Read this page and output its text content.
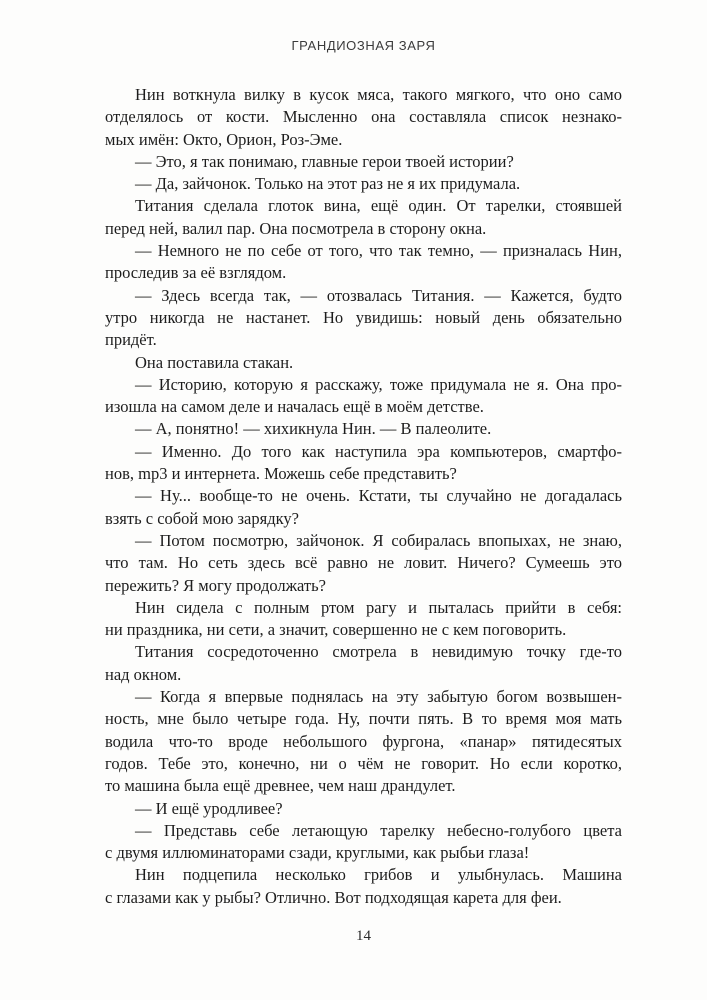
ГРАНДИОЗНАЯ ЗАРЯ
Нин воткнула вилку в кусок мяса, такого мягкого, что оно само
отделялось от кости. Мысленно она составляла список незнако-
мых имён: Окто, Орион, Роз-Эме.
— Это, я так понимаю, главные герои твоей истории?
— Да, зайчонок. Только на этот раз не я их придумала.
Титания сделала глоток вина, ещё один. От тарелки, стоявшей
перед ней, валил пар. Она посмотрела в сторону окна.
— Немного не по себе от того, что так темно, — призналась Нин,
проследив за её взглядом.
— Здесь всегда так, — отозвалась Титания. — Кажется, будто
утро никогда не настанет. Но увидишь: новый день обязательно
придёт.
Она поставила стакан.
— Историю, которую я расскажу, тоже придумала не я. Она про-
изошла на самом деле и началась ещё в моём детстве.
— А, понятно! — хихикнула Нин. — В палеолите.
— Именно. До того как наступила эра компьютеров, смартфо-
нов, mp3 и интернета. Можешь себе представить?
— Ну... вообще-то не очень. Кстати, ты случайно не догадалась
взять с собой мою зарядку?
— Потом посмотрю, зайчонок. Я собиралась впопыхах, не знаю,
что там. Но сеть здесь всё равно не ловит. Ничего? Сумеешь это
пережить? Я могу продолжать?
Нин сидела с полным ртом рагу и пыталась прийти в себя:
ни праздника, ни сети, а значит, совершенно не с кем поговорить.
Титания сосредоточенно смотрела в невидимую точку где-то
над окном.
— Когда я впервые поднялась на эту забытую богом возвышен-
ность, мне было четыре года. Ну, почти пять. В то время моя мать
водила что-то вроде небольшого фургона, «панар» пятидесятых
годов. Тебе это, конечно, ни о чём не говорит. Но если коротко,
то машина была ещё древнее, чем наш драндулет.
— И ещё уродливее?
— Представь себе летающую тарелку небесно-голубого цвета
с двумя иллюминаторами сзади, круглыми, как рыбьи глаза!
Нин подцепила несколько грибов и улыбнулась. Машина
с глазами как у рыбы? Отлично. Вот подходящая карета для феи.
14
